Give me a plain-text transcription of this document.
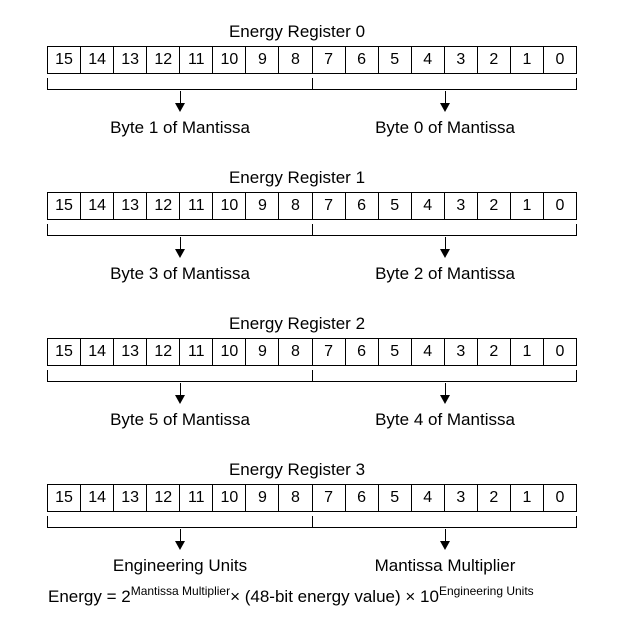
Energy Register 0
15 14 13 12 11 10	9	8	7	6	5	4	3	2	1	0
Byte 1 of Mantissa	Byte 0 of Mantissa
Energy Register 1
15 14 13 12 11 10	9	8	7	6	5	4	3	2	1	0
Byte 3 of Mantissa	Byte 2 of Mantissa
Energy Register 2
15 14 13 12 11 10	9	8	7	6	5	4	3	2	1	0
Byte 5 of Mantissa	Byte 4 of Mantissa
Energy Register 3
15 14 13 12 11 10	9	8	7	6	5	4	3	2	1	0
Engineering Units	Mantissa Multiplier
Energy = $2^{Mantissa Multiplier}\times (48-bit$ energy value) × $10^{Engineering Units}$
